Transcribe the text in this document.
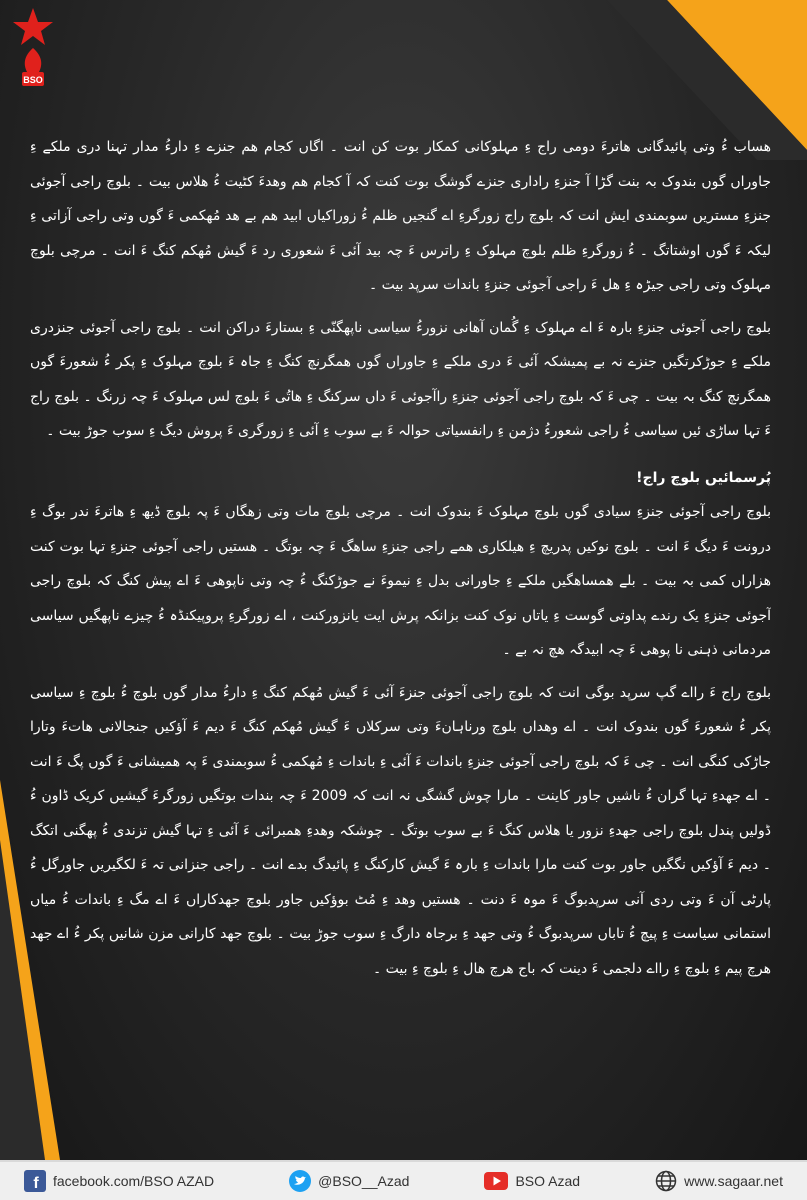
BSO

ھساب ءُ وتی پائیدگانی ھاترءَ دومی راج ءِ مہلوکانی کمکار بوت کن انت ۔ اگاں کجام ھم جنزے ءِ دارءُ مدار تہنا دری ملکے ءِ جاوراں گوں بندوک بہ بنت گڑا آ جنزءِ راداری جنزے گوشگ بوت کنت کہ آ کجام ھم وھدءَ کٹیت ءُ ھلاس بیت ۔ بلوچ راجی آجوئی جنزءِ مستریں سوبمندی ایش انت کہ بلوچ راج زورگرءِ اے گنجیں ظلم ءُ زوراکیاں ابید ھم بے ھد مُھکمی ءَ گوں وتی راجی آزاتی ءِ لیکہ ءَ گوں اوشتاتگ ۔ ءُ زورگرءِ ظلم بلوچ مہلوک ءِ راترس ءَ چہ بید آئی ءَ شعوری رد ءَ گیش مُھکم کنگ ءَ انت ۔ مرچی بلوچ مہلوک وتی راجی جیڑہ ءِ ھل ءَ راجی آجوئی جنزءِ باندات سرپد بیت ۔

بلوچ راجی آجوئی جنزءِ بارہ ءَ اے مہلوک ءِ گُمان آھانی نزورءُ سیاسی ناپھگنّی ءِ بستارءَ دراکن انت ۔ بلوچ راجی آجوئی جنزدری ملکے ءِ جوڑکرتگیں جنزے نہ بے پمیشکہ آئی ءَ دری ملکے ءِ جاوراں گوں ھمگرنچ کنگ ءِ جاہ ءَ بلوچ مہلوک ءِ پکر ءُ شعورءَ گوں ھمگرنچ کنگ بہ بیت ۔ چی ءَ کہ بلوچ راجی آجوئی جنزءِ راآجوئی ءَ داں سرکنگ ءِ ھاتُی ءَ بلوچ لس مہلوک ءَ چہ زرنگ ۔ بلوچ راج ءَ تہا ساڑی ئیں سیاسی ءُ راجی شعورءُ دژمن ءِ رانفسیاتی حوالہ ءَ بے سوب ءِ آئی ءِ زورگری ءَ پروش دیگ ءِ سوب جوڑ بیت ۔

پُرسمائیں بلوچ راج!

بلوچ راجی آجوئی جنزءِ سیادی گوں بلوچ مہلوک ءَ بندوک انت ۔ مرچی بلوچ مات وتی زھگاں ءَ پہ بلوچ ڈیھ ءِ ھاترءَ ندر بوگ ءِ درونت ءَ دیگ ءَ انت ۔ بلوچ نوکیں پدریچ ءِ ھیلکاری ھمے راجی جنزءِ ساھگ ءَ چہ بوتگ ۔ ھستیں راجی آجوئی جنزءِ تہا بوت کنت ھزاراں کمی بہ بیت ۔ بلے ھمساھگیں ملکے ءِ جاورانی بدل ءِ نیموءَ نے جوڑکنگ ءُ چہ وتی ناپوھی ءَ اے پیش کنگ کہ بلوچ راجی آجوئی جنزءِ یک رندے پداوتی گوست ءِ یاتاں نوک کنت بزانکہ پرش ایت یانزورکنت ، اے زورگرءِ پروپیکنڈہ ءُ چیزے ناپھگیں سیاسی مردمانی ذہنی نا پوھی ءَ چہ ابیدگہ ھچ نہ بے ۔

بلوچ راج ءَ رااے گپ سرپد بوگی انت کہ بلوچ راجی آجوئی جنزءَ آئی ءَ گیش مُھکم کنگ ءِ دارءُ مدار گوں بلوچ ءُ بلوچ ءِ سیاسی پکر ءُ شعورءَ گوں بندوک انت ۔ اے وھداں بلوچ ورناہانءَ وتی سرکلاں ءَ گیش مُھکم کنگ ءَ دیم ءَ آؤکیں جنجالانی ھاتءَ وتارا جاڑکی کنگی انت ۔ چی ءَ کہ بلوچ راجی آجوئی جنزءِ باندات ءَ آئی ءِ باندات ءِ مُھکمی ءُ سوبمندی ءَ پہ ھمیشانی ءَ گوں پگ ءَ انت ۔ اے جھدءِ تہا گران ءُ ناشیں جاور کاینت ۔ مارا چوش گشگی نہ انت کہ 2009 ءَ چہ بندات بوتگیں زورگرءَ گیشیں کریک ڈاون ءُ ڈولیں پندل بلوچ راجی جھدءِ نزور یا ھلاس کنگ ءَ بے سوب بوتگ ۔ چوشکہ وھدءِ ھمبرائی ءَ آئی ءِ تہا گیش تزندی ءُ پھگنی اتکگ ۔ دیم ءَ آؤکیں نگگیں جاور بوت کنت مارا باندات ءِ بارہ ءَ گیش کارکنگ ءِ پائیدگ بدے انت ۔ راجی جنزانی تہ ءَ لکگیریں جاورگل ءُ پارٹی آن ءَ وتی ردی آنی سرپدبوگ ءَ موہ ءَ دنت ۔ ھستیں وھد ءِ مُٹ بوؤکیں جاور بلوچ جھدکاراں ءَ اے مگ ءِ باندات ءُ میاں استمانی سیاست ءِ پیچ ءُ تاباں سرپدبوگ ءُ وتی جھد ءِ برجاہ دارگ ءِ سوب جوڑ بیت ۔ بلوچ جھد کارانی مزن شانیں پکر ءُ اے جھد ھرچ پیم ءِ بلوچ ءِ رااے دلجمی ءَ دینت کہ باج ھرچ ھال ءِ بلوچ ءِ بیت ۔

f facebook.com/BSO AZAD	@BSO__Azad	BSO Azad	www.sagaar.net
